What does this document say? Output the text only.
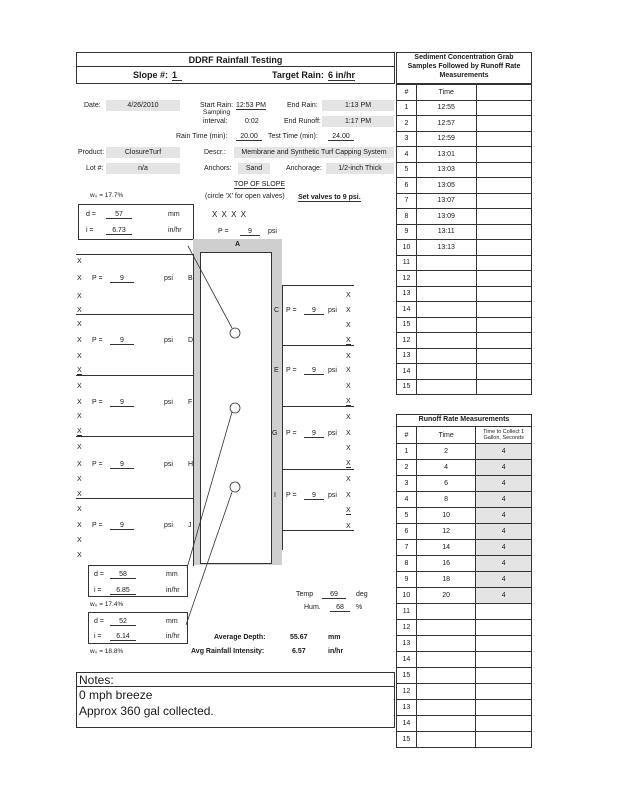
DDRF Rainfall Testing
Slope #: 1	Target Rain: 6 in/hr
Date:	4/26/2010	Start Rain: 12:53 PM	End Rain:	1:13 PM
Sampling
interval: 0:02	End Runoff:	1:17 PM
Rain Time (min):	20.00	Test Time (min):	24.00
Product:	ClosureTurf	Descr.:	Membrane and Synthetic Turf Capping System
Lot #:	n/a	Anchors:	Sand	Anchorage:	1/2-inch Thick
w₀ = 17.7%
TOP OF SLOPE
(circle 'X' for open valves) Set valves to 9 psi.
d =	57	mm
i =	6.73	in/hr
X X X X
P =	9	psi
A
X
X
X
X
X
X
X
X
X
X
X
X
X
X
X
X P =	9	psi B
X P =	9	psi D
X P =	9	psi F
X P =	9	psi H
X P =	9	psi J
C P =	9	psi X
X
X
X
X
E P =	9	psi X
X
X
X
G P =	9	psi X
X
X
X
I P =	9	psi X
X
X
d =	58	mm
i =	6.85	in/hr
w₀ = 17.4%
d =	52	mm
i =	6.14	in/hr
w₀ = 18.8%
Temp	69	deg
Hum.	68	%
Average Depth:	55.67	mm
Avg Rainfall Intensity:	6.57	in/hr
Notes:
0 mph breeze
Approx 360 gal collected.
Sediment Concentration Grab
Samples Followed by Runoff Rate
Measurements
#	Time	
1	12:55	
2	12:57	
3	12:59	
4	13:01	
5	13:03	
6	13:05	
7	13:07	
8	13:09	
9	13:11	
10	13:13	
11		
12		
13		
14		
15		
12		
13		
14		
15		
Runoff Rate Measurements
#	Time	Time to Collect 1
Gallon, Seconds
1	2	4
2	4	4
3	6	4
4	8	4
5	10	4
6	12	4
7	14	4
8	16	4
9	18	4
10	20	4
11		
12		
13		
14		
15		
12		
13		
14		
15		
